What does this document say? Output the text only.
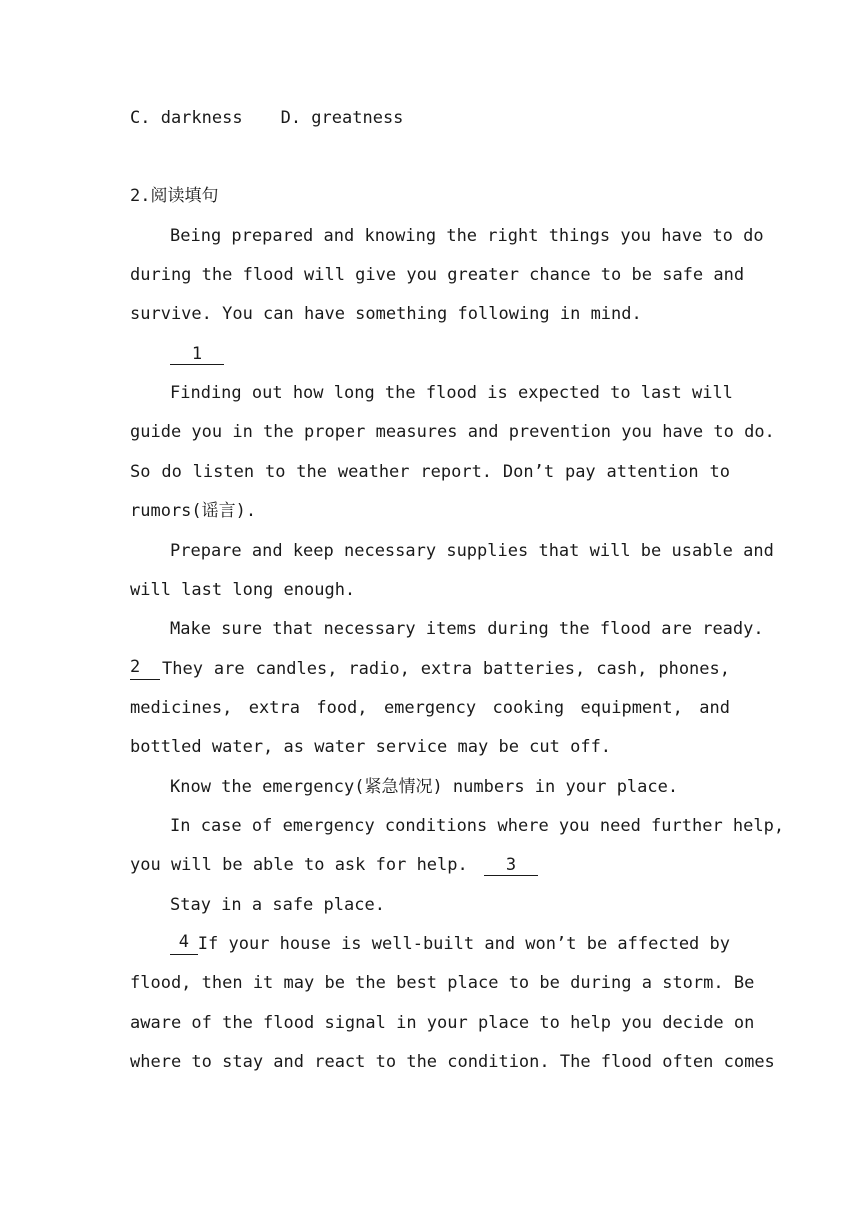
C. darkness D. greatness
2.阅读填句
Being prepared and knowing the right things you have to do
during the flood will give you greater chance to be safe and
survive. You can have something following in mind.
1
Finding out how long the flood is expected to last will
guide you in the proper measures and prevention you have to do.
So do listen to the weather report. Don’t pay attention to
rumors(谣言).
Prepare and keep necessary supplies that will be usable and
will last long enough.
Make sure that necessary items during the flood are ready.
2	They are candles, radio, extra batteries, cash, phones,
medicines, extra food, emergency cooking equipment, and
bottled water, as water service may be cut off.
Know the emergency(紧急情况) numbers in your place.
In case of emergency conditions where you need further help,
you will be able to ask for help. 3
Stay in a safe place.
4 If your house is well-built and won’t be affected by
flood, then it may be the best place to be during a storm. Be
aware of the flood signal in your place to help you decide on
where to stay and react to the condition. The flood often comes
